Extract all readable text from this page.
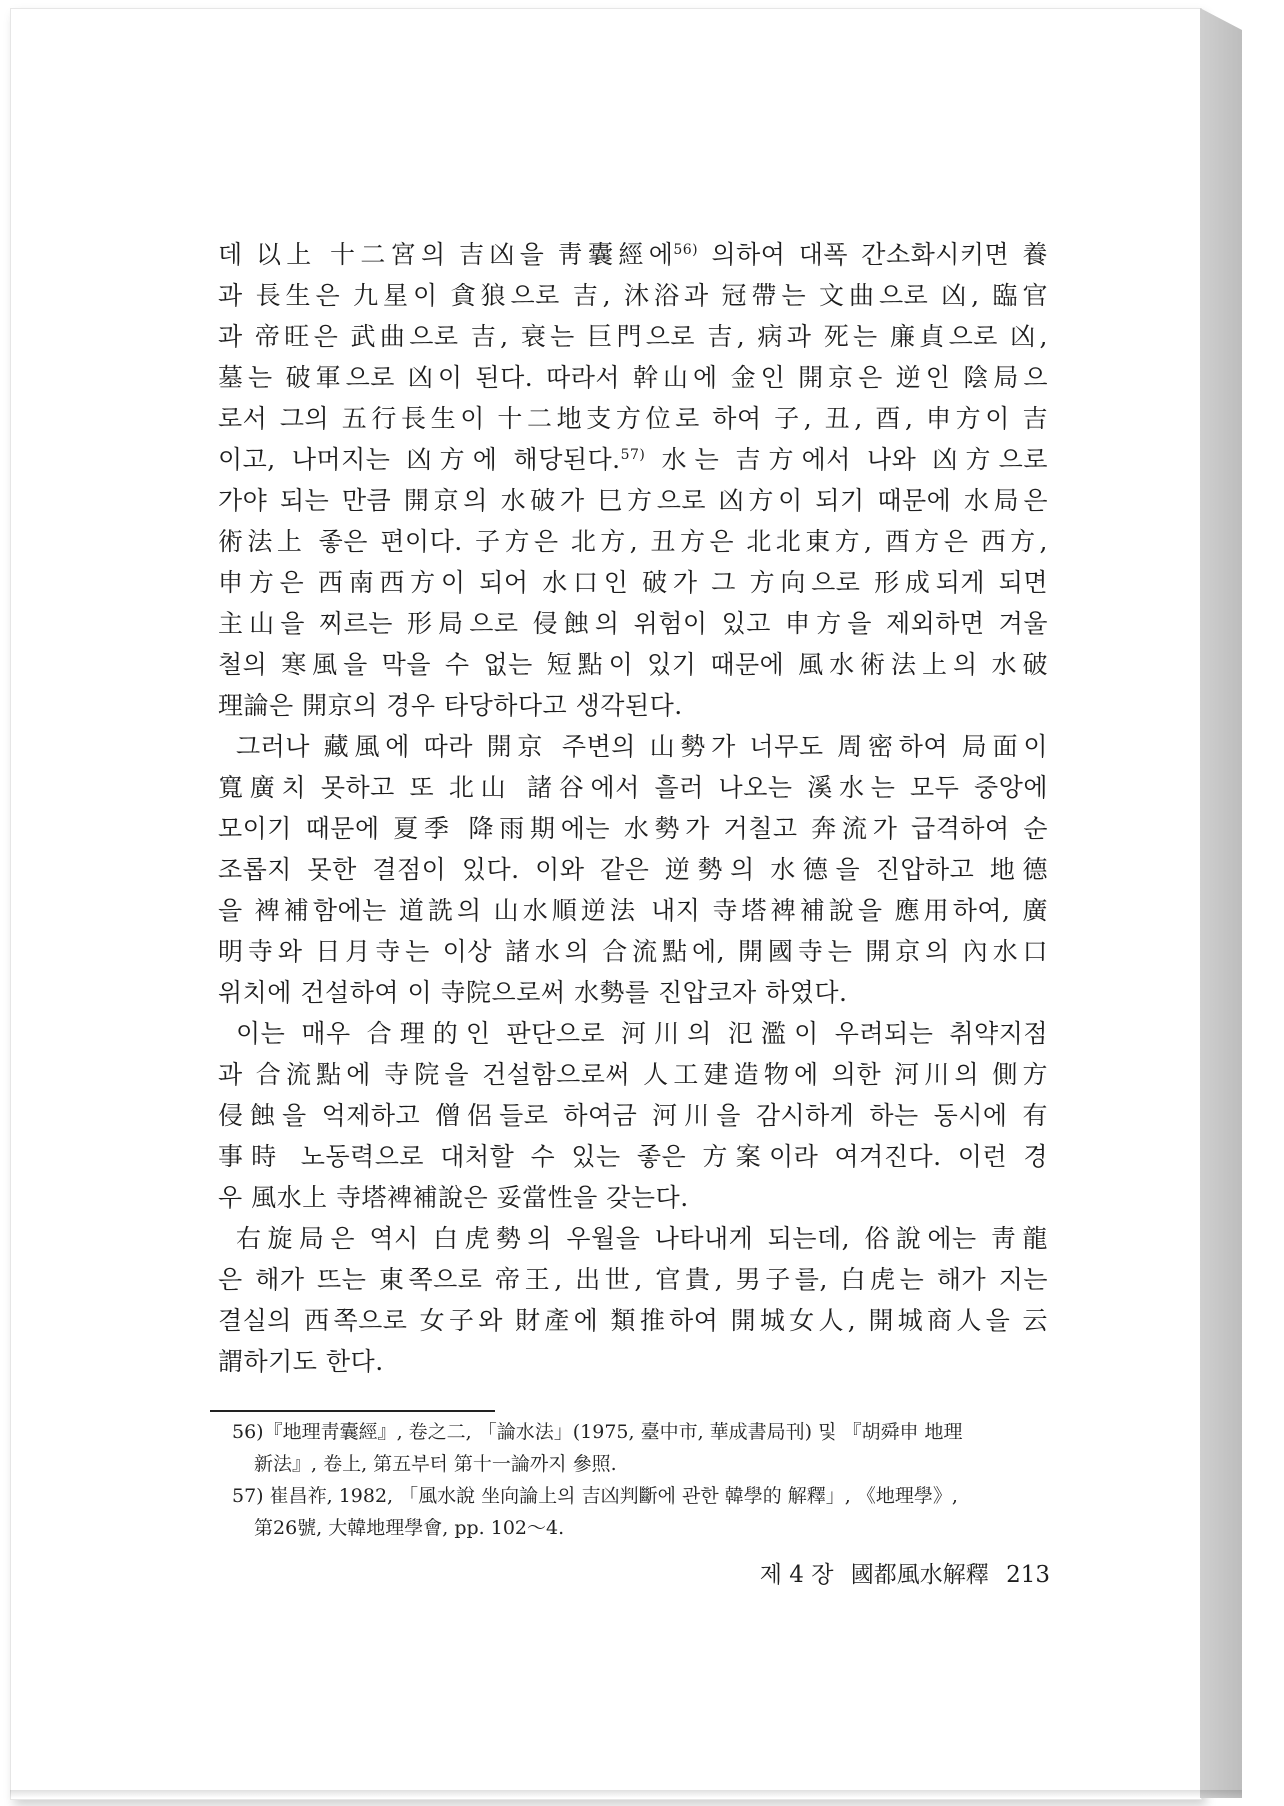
데 以上 十二宮의 吉凶을 靑囊經에$^{56)}$ 의하여 대폭 간소화시키면 養
과 長生은 九星이 貪狼으로 吉, 沐浴과 冠帶는 文曲으로 凶, 臨官
과 帝旺은 武曲으로 吉, 衰는 巨門으로 吉, 病과 死는 廉貞으로 凶,
墓는 破軍으로 凶이 된다. 따라서 幹山에 金인 開京은 逆인 陰局으
로서 그의 五行長生이 十二地支方位로 하여 子, 丑, 酉, 申方이 吉
이고, 나머지는 凶方에 해당된다.$^{57)}$ 水는 吉方에서 나와 凶方으로
가야 되는 만큼 開京의 水破가 巳方으로 凶方이 되기 때문에 水局은
術法上 좋은 편이다. 子方은 北方, 丑方은 北北東方, 酉方은 西方,
申方은 西南西方이 되어 水口인 破가 그 方向으로 形成되게 되면
主山을 찌르는 形局으로 侵蝕의 위험이 있고 申方을 제외하면 겨울
철의 寒風을 막을 수 없는 短點이 있기 때문에 風水術法上의 水破
理論은 開京의 경우 타당하다고 생각된다.
그러나 藏風에 따라 開京 주변의 山勢가 너무도 周密하여 局面이
寬廣치 못하고 또 北山 諸谷에서 흘러 나오는 溪水는 모두 중앙에
모이기 때문에 夏季 降雨期에는 水勢가 거칠고 奔流가 급격하여 순
조롭지 못한 결점이 있다. 이와 같은 逆勢의 水德을 진압하고 地德
을 裨補함에는 道詵의 山水順逆法 내지 寺塔裨補說을 應用하여, 廣
明寺와 日月寺는 이상 諸水의 合流點에, 開國寺는 開京의 內水口
위치에 건설하여 이 寺院으로써 水勢를 진압코자 하였다.
이는 매우 合理的인 판단으로 河川의 氾濫이 우려되는 취약지점
과 合流點에 寺院을 건설함으로써 人工建造物에 의한 河川의 側方
侵蝕을 억제하고 僧侶들로 하여금 河川을 감시하게 하는 동시에 有
事時 노동력으로 대처할 수 있는 좋은 方案이라 여겨진다. 이런 경
우 風水上 寺塔裨補說은 妥當性을 갖는다.
右旋局은 역시 白虎勢의 우월을 나타내게 되는데, 俗說에는 靑龍
은 해가 뜨는 東쪽으로 帝王, 出世, 官貴, 男子를, 白虎는 해가 지는
결실의 西쪽으로 女子와 財產에 類推하여 開城女人, 開城商人을 云
謂하기도 한다.
56)『地理靑囊經』, 卷之二, 「論水法」(1975, 臺中市, 華成書局刊) 및 『胡舜申 地理
新法』, 卷上, 第五부터 第十一論까지 參照.
57) 崔昌祚, 1982, 「風水說 坐向論上의 吉凶判斷에 관한 韓學的 解釋」, 《地理學》,
第26號, 大韓地理學會, pp. 102～4.
제 4 장 國都風水解釋 213
